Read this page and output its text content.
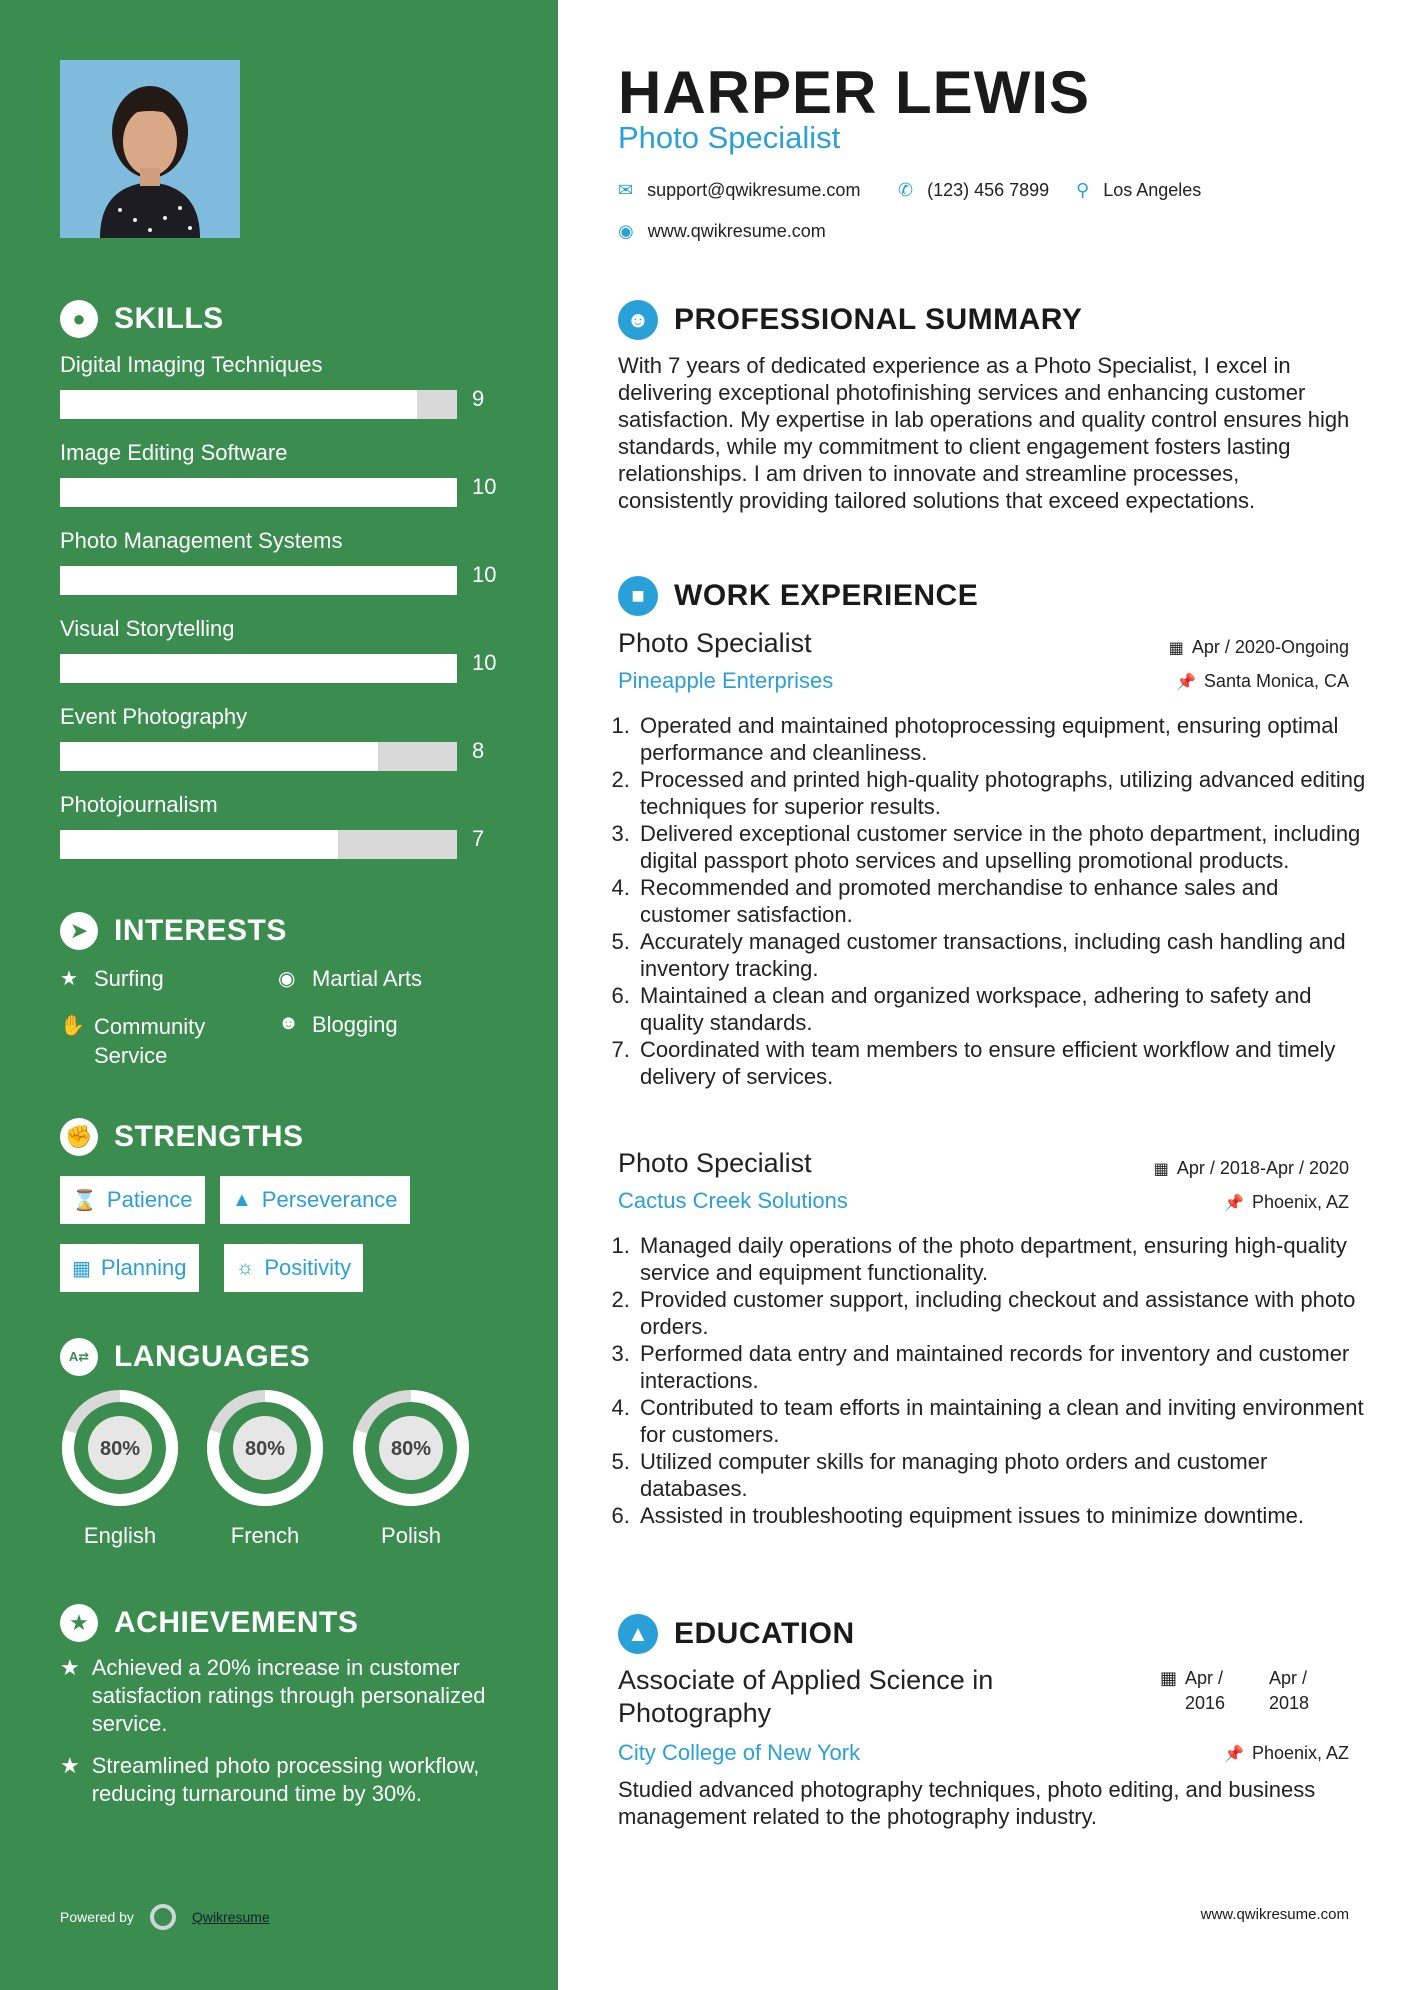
● SKILLS
Digital Imaging Techniques
9
Image Editing Software
10
Photo Management Systems
10
Visual Storytelling
10
Event Photography
8
Photojournalism
7
➤ INTERESTS
★ Surfing	◉ Martial Arts
✋ Community Service
☻ Blogging
✊ STRENGTHS
⌛ Patience ▲ Perseverance
▦ Planning ☼ Positivity
A⇄ LANGUAGES
80%
English
80%
French
80%
Polish
★ ACHIEVEMENTS
★ Achieved a 20% increase in customer satisfaction ratings through personalized service.
★ Streamlined photo processing workflow, reducing turnaround time by 30%.
Powered by	Qwikresume
HARPER LEWIS
Photo Specialist
✉ support@qwikresume.com ✆ (123) 456 7899 ⚲ Los Angeles
◉ www.qwikresume.com
☻ PROFESSIONAL SUMMARY
With 7 years of dedicated experience as a Photo Specialist, I excel in delivering exceptional photofinishing services and enhancing customer satisfaction. My expertise in lab operations and quality control ensures high standards, while my commitment to client engagement fosters lasting relationships. I am driven to innovate and streamline processes, consistently providing tailored solutions that exceed expectations.
■ WORK EXPERIENCE
Photo Specialist	▦ Apr / 2020-Ongoing
Pineapple Enterprises	📌 Santa Monica, CA
1. Operated and maintained photoprocessing equipment, ensuring optimal performance and cleanliness.
2. Processed and printed high-quality photographs, utilizing advanced editing techniques for superior results.
3. Delivered exceptional customer service in the photo department, including digital passport photo services and upselling promotional products.
4. Recommended and promoted merchandise to enhance sales and customer satisfaction.
5. Accurately managed customer transactions, including cash handling and inventory tracking.
6. Maintained a clean and organized workspace, adhering to safety and quality standards.
7. Coordinated with team members to ensure efficient workflow and timely delivery of services.
Photo Specialist	▦ Apr / 2018-Apr / 2020
Cactus Creek Solutions	📌 Phoenix, AZ
1. Managed daily operations of the photo department, ensuring high-quality service and equipment functionality.
2. Provided customer support, including checkout and assistance with photo orders.
3. Performed data entry and maintained records for inventory and customer interactions.
4. Contributed to team efforts in maintaining a clean and inviting environment for customers.
5. Utilized computer skills for managing photo orders and customer databases.
6. Assisted in troubleshooting equipment issues to minimize downtime.
▲ EDUCATION
Associate of Applied Science in Photography
▦ Apr / 2016
Apr / 2018
City College of New York	📌 Phoenix, AZ
Studied advanced photography techniques, photo editing, and business management related to the photography industry.
www.qwikresume.com
